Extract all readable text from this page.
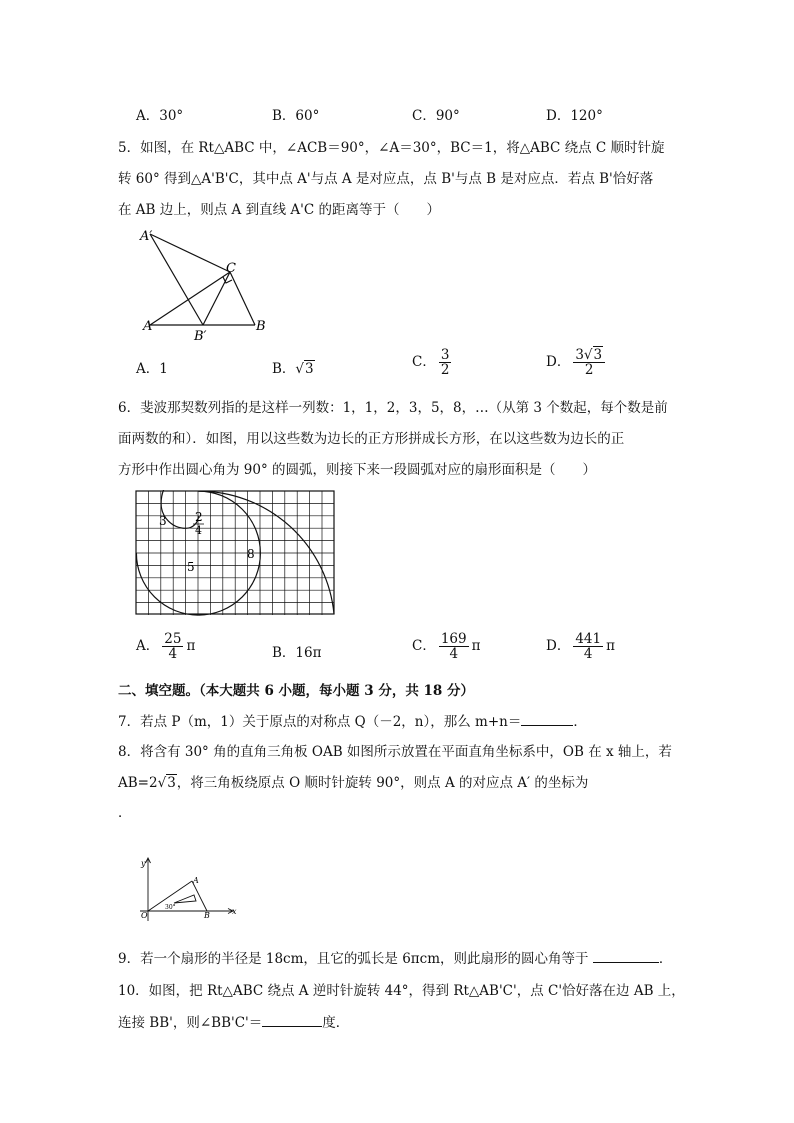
A．30°	B．60°	C．90°	D．120°
5．如图，在 Rt△ABC 中，∠ACB＝90°，∠A＝30°，BC＝1，将△ABC 绕点 C 顺时针旋
转 60° 得到△A'B'C，其中点 A'与点 A 是对应点，点 B'与点 B 是对应点．若点 B'恰好落
在 AB 边上，则点 A 到直线 A'C 的距离等于（　　）
A′
C
A
B′
B
A．1	B．√3	C． $\frac{3}{2}$	D． $\frac{3√3}{2}$
6．斐波那契数列指的是这样一列数：1，1，2，3，5，8，…（从第 3 个数起，每个数是前
面两数的和）．如图，用以这些数为边长的正方形拼成长方形，在以这些数为边长的正
方形中作出圆心角为 90° 的圆弧，则接下来一段圆弧对应的扇形面积是（　　）
3 2
4
5
8
A． $\frac{25}{4}$ π	B．16π	C． $\frac{169}{4}$ π	D． $\frac{441}{4}$ π
二、填空题。（本大题共 6 小题，每小题 3 分，共 18 分）
7．若点 P（m，1）关于原点的对称点 Q（－2，n），那么 m+n＝	．
8．将含有 30° 角的直角三角板 OAB 如图所示放置在平面直角坐标系中，OB 在 x 轴上，若
AB=2√3，将三角板绕原点 O 顺时针旋转 90°，则点 A 的对应点 A′ 的坐标为
．
y
A
30°
O	B	x
9．若一个扇形的半径是 18cm，且它的弧长是 6πcm，则此扇形的圆心角等于	．
10．如图，把 Rt△ABC 绕点 A 逆时针旋转 44°，得到 Rt△AB'C'，点 C'恰好落在边 AB 上，
连接 BB'，则∠BB'C'＝	度．
